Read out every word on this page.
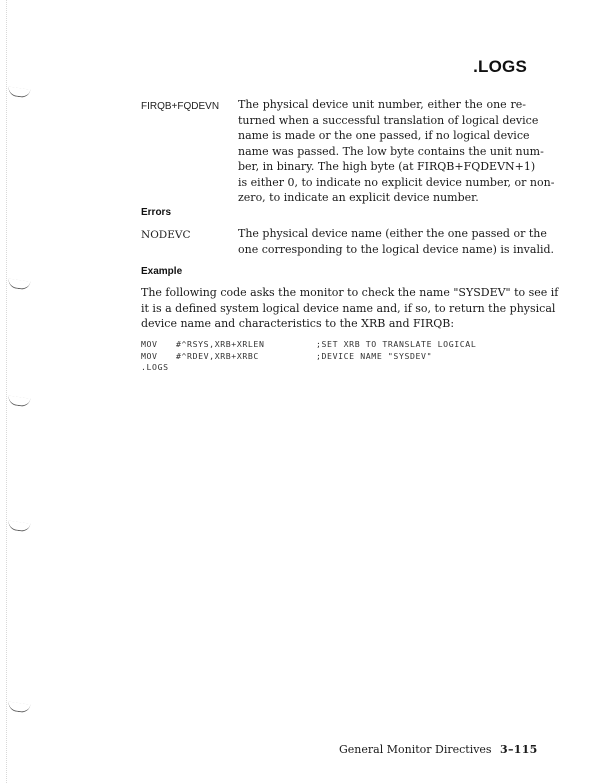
.LOGS
FIRQB+FQDEVN The physical device unit number, either the one re-
turned when a successful translation of logical device
name is made or the one passed, if no logical device
name was passed. The low byte contains the unit num-
ber, in binary. The high byte (at FIRQB+FQDEVN+1)
is either 0, to indicate no explicit device number, or non-
zero, to indicate an explicit device number.
Errors
NODEVC	The physical device name (either the one passed or the
one corresponding to the logical device name) is invalid.
Example
The following code asks the monitor to check the name "SYSDEV" to see if
it is a defined system logical device name and, if so, to return the physical
device name and characteristics to the XRB and FIRQB:
MOV #^RSYS,XRB+XRLEN	;SET XRB TO TRANSLATE LOGICAL
MOV #^RDEV,XRB+XRBC	;DEVICE NAME "SYSDEV"
.LOGS
General Monitor Directives 3–115
